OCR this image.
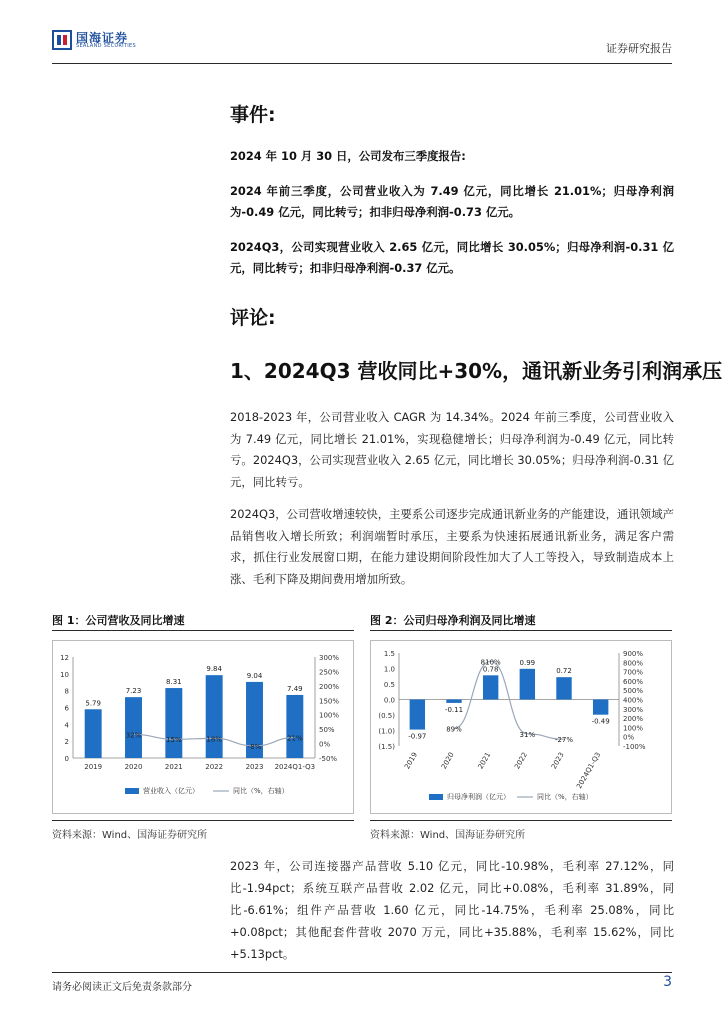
国海证券
SEALAND SECURITIES	证券研究报告
事件:
2024 年 10 月 30 日，公司发布三季度报告:
2024 年前三季度，公司营业收入为 7.49 亿元，同比增长 21.01%；归母净利润为-0.49 亿元，同比转亏；扣非归母净利润-0.73 亿元。
2024Q3，公司实现营业收入 2.65 亿元，同比增长 30.05%；归母净利润-0.31 亿元，同比转亏；扣非归母净利润-0.37 亿元。
评论:
1、2024Q3 营收同比+30%，通讯新业务引利润承压
2018-2023 年，公司营业收入 CAGR 为 14.34%。2024 年前三季度，公司营业收入为 7.49 亿元，同比增长 21.01%，实现稳健增长；归母净利润为-0.49 亿元，同比转亏。2024Q3，公司实现营业收入 2.65 亿元，同比增长 30.05%；归母净利润-0.31 亿元，同比转亏。
2024Q3，公司营收增速较快，主要系公司逐步完成通讯新业务的产能建设，通讯领域产品销售收入增长所致；利润端暂时承压，主要系为快速拓展通讯新业务，满足客户需求，抓住行业发展窗口期，在能力建设期间阶段性加大了人工等投入，导致制造成本上涨、毛利下降及期间费用增加所致。
图 1：公司营收及同比增速	图 2：公司归母净利润及同比增速
0
2
4
6
8
10
12
-50%
0%
50%
100%
150%
200%
250%
300%
5.79
7.23
8.31
9.84
9.04
7.49
32%
15%	18%
-8%
21%
2019	2020	2021	2022	2023 2024Q1-Q3
营业收入（亿元）	同比（%，右轴）
(1.5)
(1.0)
(0.5)
0.0
0.5
1.0
1.5
-100%
0%
100%
200%
300%
400%
500%
600%
700%
800%
900%
-0.97
-0.11
0.78
0.99
0.72
-0.49
89%
810%
31%
-27%
2019	2020	2021	2022	2023 2024Q1-Q3
归母净利润（亿元）	同比（%，右轴）
资料来源：Wind、国海证券研究所	资料来源：Wind、国海证券研究所
2023 年，公司连接器产品营收 5.10 亿元，同比-10.98%，毛利率 27.12%，同比-1.94pct；系统互联产品营收 2.02 亿元，同比+0.08%，毛利率 31.89%，同比-6.61%；组件产品营收 1.60 亿元，同比-14.75%，毛利率 25.08%，同比+0.08pct；其他配套件营收 2070 万元，同比+35.88%，毛利率 15.62%，同比+5.13pct。
请务必阅读正文后免责条款部分	3
